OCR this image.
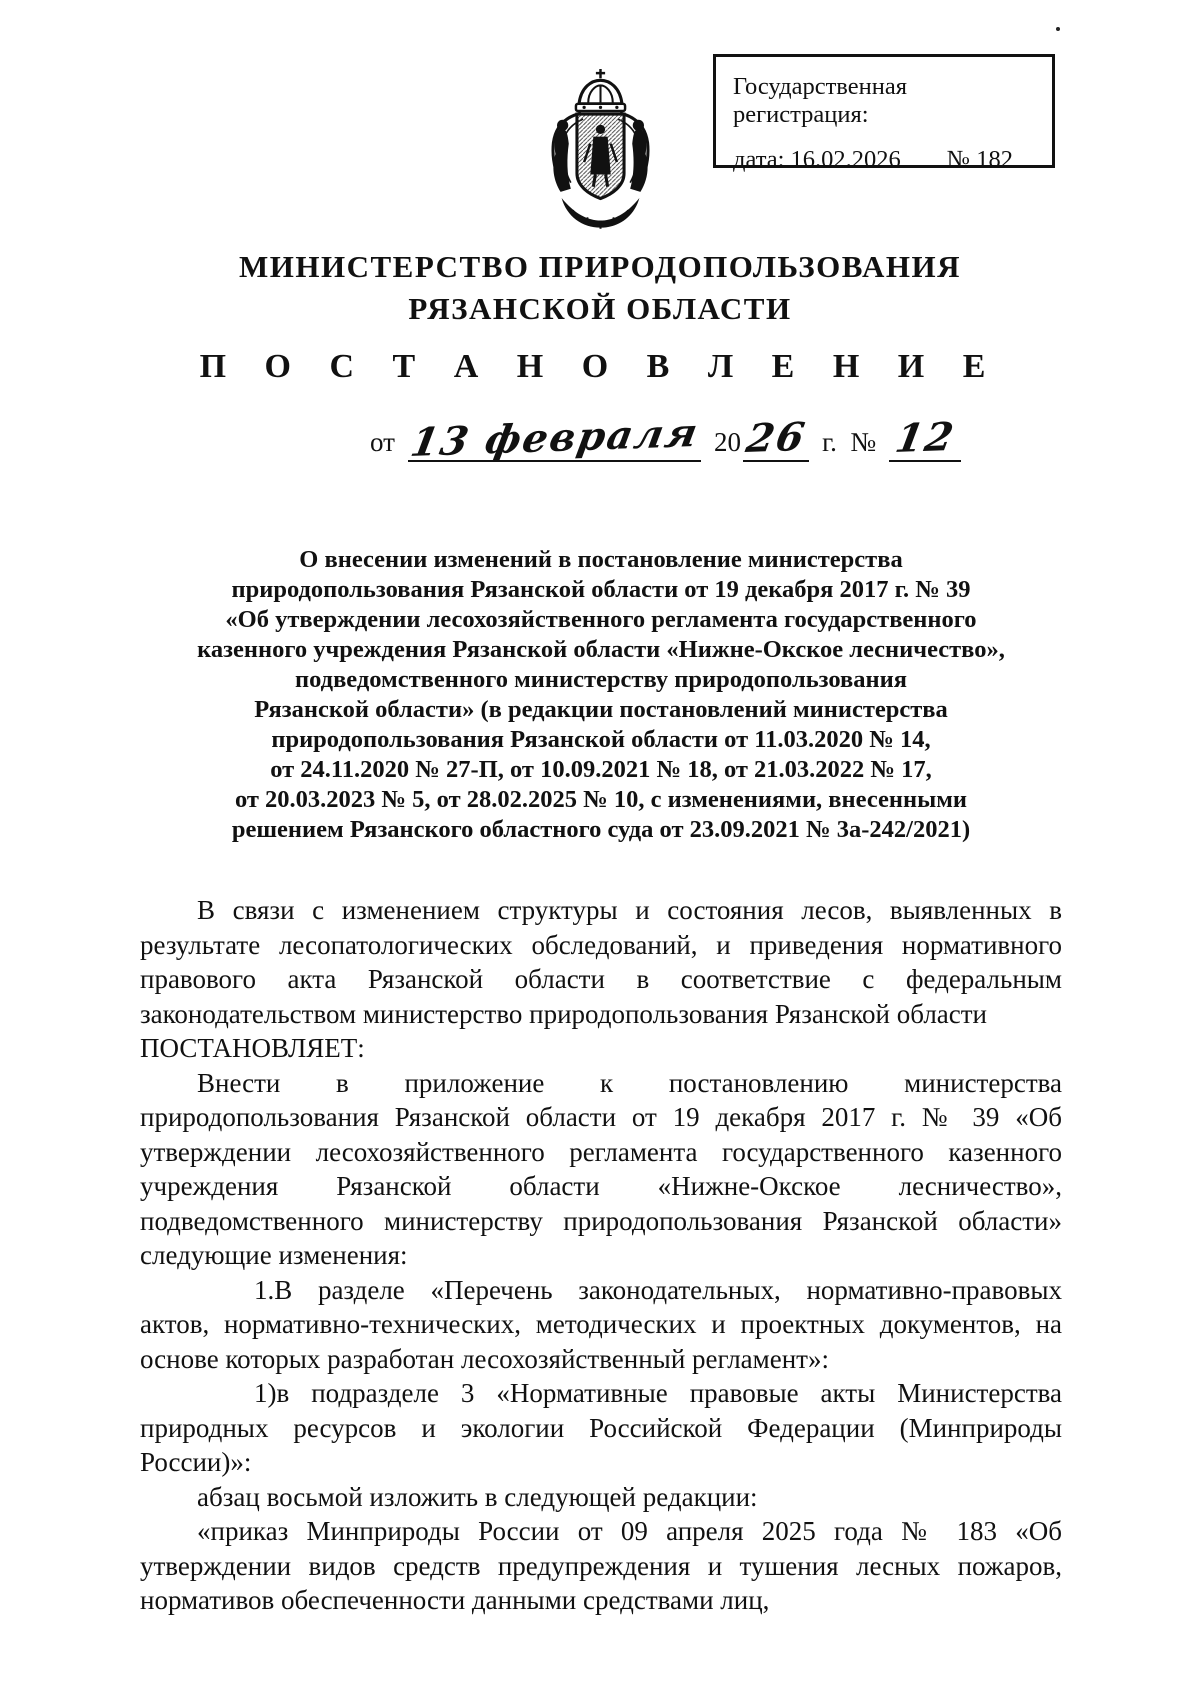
Государственная регистрация:
дата: 16.02.2026 № 182
МИНИСТЕРСТВО ПРИРОДОПОЛЬЗОВАНИЯ
РЯЗАНСКОЙ ОБЛАСТИ
П О С Т А Н О В Л Е Н И Е
от 13 февраля 2026 г. № 12
О внесении изменений в постановление министерства
природопользования Рязанской области от 19 декабря 2017 г. № 39
«Об утверждении лесохозяйственного регламента государственного
казенного учреждения Рязанской области «Нижне-Окское лесничество»,
подведомственного министерству природопользования
Рязанской области» (в редакции постановлений министерства
природопользования Рязанской области от 11.03.2020 № 14,
от 24.11.2020 № 27-П, от 10.09.2021 № 18, от 21.03.2022 № 17,
от 20.03.2023 № 5, от 28.02.2025 № 10, с изменениями, внесенными
решением Рязанского областного суда от 23.09.2021 № 3а-242/2021)

В связи с изменением структуры и состояния лесов, выявленных в результате лесопатологических обследований, и приведения нормативного правового акта Рязанской области в соответствие с федеральным законодательством министерство природопользования Рязанской области

ПОСТАНОВЛЯЕТ:

Внести в приложение к постановлению министерства природопользования Рязанской области от 19 декабря 2017 г. № 39 «Об утверждении лесохозяйственного регламента государственного казенного учреждения Рязанской области «Нижне-Окское лесничество», подведомственного министерству природопользования Рязанской области» следующие изменения:

1.В разделе «Перечень законодательных, нормативно-правовых актов, нормативно-технических, методических и проектных документов, на основе которых разработан лесохозяйственный регламент»:

1)в подразделе 3 «Нормативные правовые акты Министерства природных ресурсов и экологии Российской Федерации (Минприроды России)»:

абзац восьмой изложить в следующей редакции:

«приказ Минприроды России от 09 апреля 2025 года № 183 «Об утверждении видов средств предупреждения и тушения лесных пожаров, нормативов обеспеченности данными средствами лиц,
